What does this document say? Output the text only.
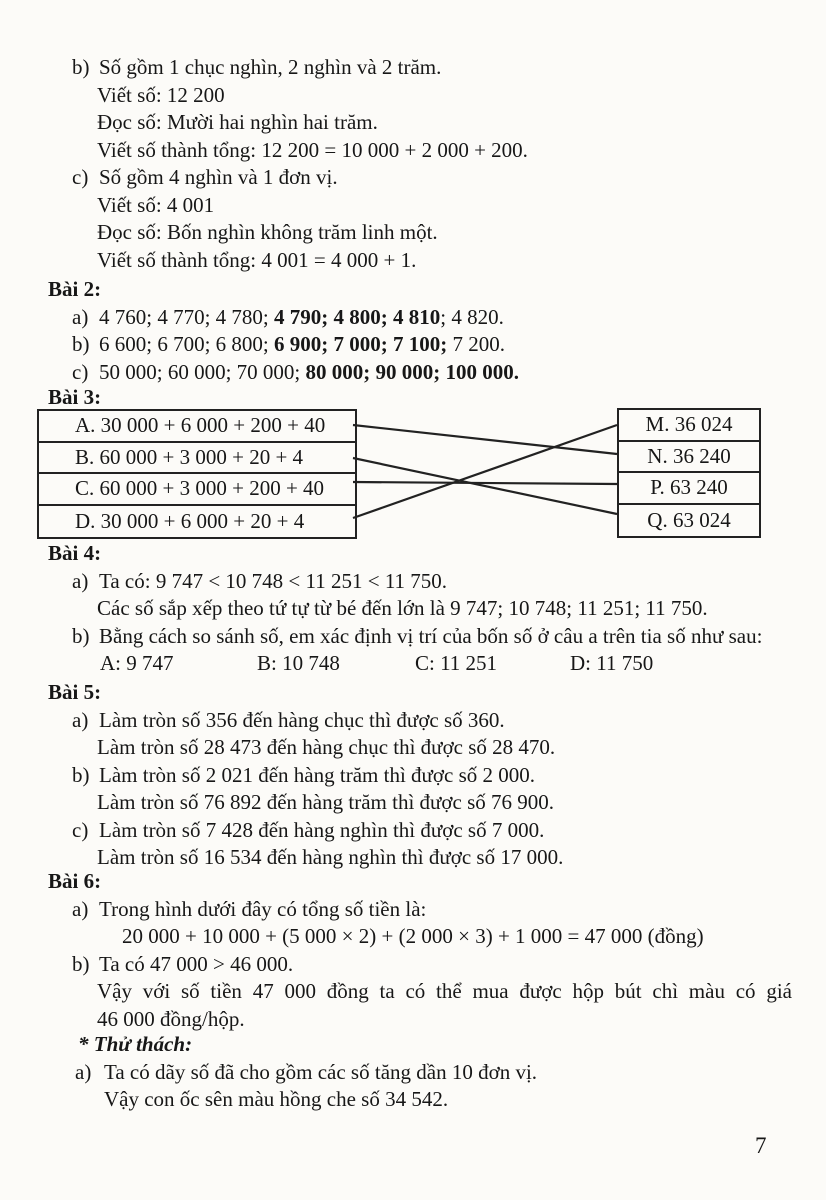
b) Số gồm 1 chục nghìn, 2 nghìn và 2 trăm.
Viết số: 12 200
Đọc số: Mười hai nghìn hai trăm.
Viết số thành tổng: 12 200 = 10 000 + 2 000 + 200.
c) Số gồm 4 nghìn và 1 đơn vị.
Viết số: 4 001
Đọc số: Bốn nghìn không trăm linh một.
Viết số thành tổng: 4 001 = 4 000 + 1.
Bài 2:
a) 4 760; 4 770; 4 780; 4 790; 4 800; 4 810; 4 820.
b) 6 600; 6 700; 6 800; 6 900; 7 000; 7 100; 7 200.
c) 50 000; 60 000; 70 000; 80 000; 90 000; 100 000.
Bài 3:
A. 30 000 + 6 000 + 200 + 40
B. 60 000 + 3 000 + 20 + 4
C. 60 000 + 3 000 + 200 + 40
D. 30 000 + 6 000 + 20 + 4
M. 36 024
N. 36 240
P. 63 240
Q. 63 024
Bài 4:
a) Ta có: 9 747 < 10 748 < 11 251 < 11 750.
Các số sắp xếp theo tứ tự từ bé đến lớn là 9 747; 10 748; 11 251; 11 750.
b) Bằng cách so sánh số, em xác định vị trí của bốn số ở câu a trên tia số như sau:
A: 9 747	B: 10 748	C: 11 251	D: 11 750
Bài 5:
a) Làm tròn số 356 đến hàng chục thì được số 360.
Làm tròn số 28 473 đến hàng chục thì được số 28 470.
b) Làm tròn số 2 021 đến hàng trăm thì được số 2 000.
Làm tròn số 76 892 đến hàng trăm thì được số 76 900.
c) Làm tròn số 7 428 đến hàng nghìn thì được số 7 000.
Làm tròn số 16 534 đến hàng nghìn thì được số 17 000.
Bài 6:
a) Trong hình dưới đây có tổng số tiền là:
20 000 + 10 000 + (5 000 × 2) + (2 000 × 3) + 1 000 = 47 000 (đồng)
b) Ta có 47 000 > 46 000.
Vậy với số tiền 47 000 đồng ta có thể mua được hộp bút chì màu có giá
46 000 đồng/hộp.
* Thử thách:
a) Ta có dãy số đã cho gồm các số tăng dần 10 đơn vị.
Vậy con ốc sên màu hồng che số 34 542.
7
